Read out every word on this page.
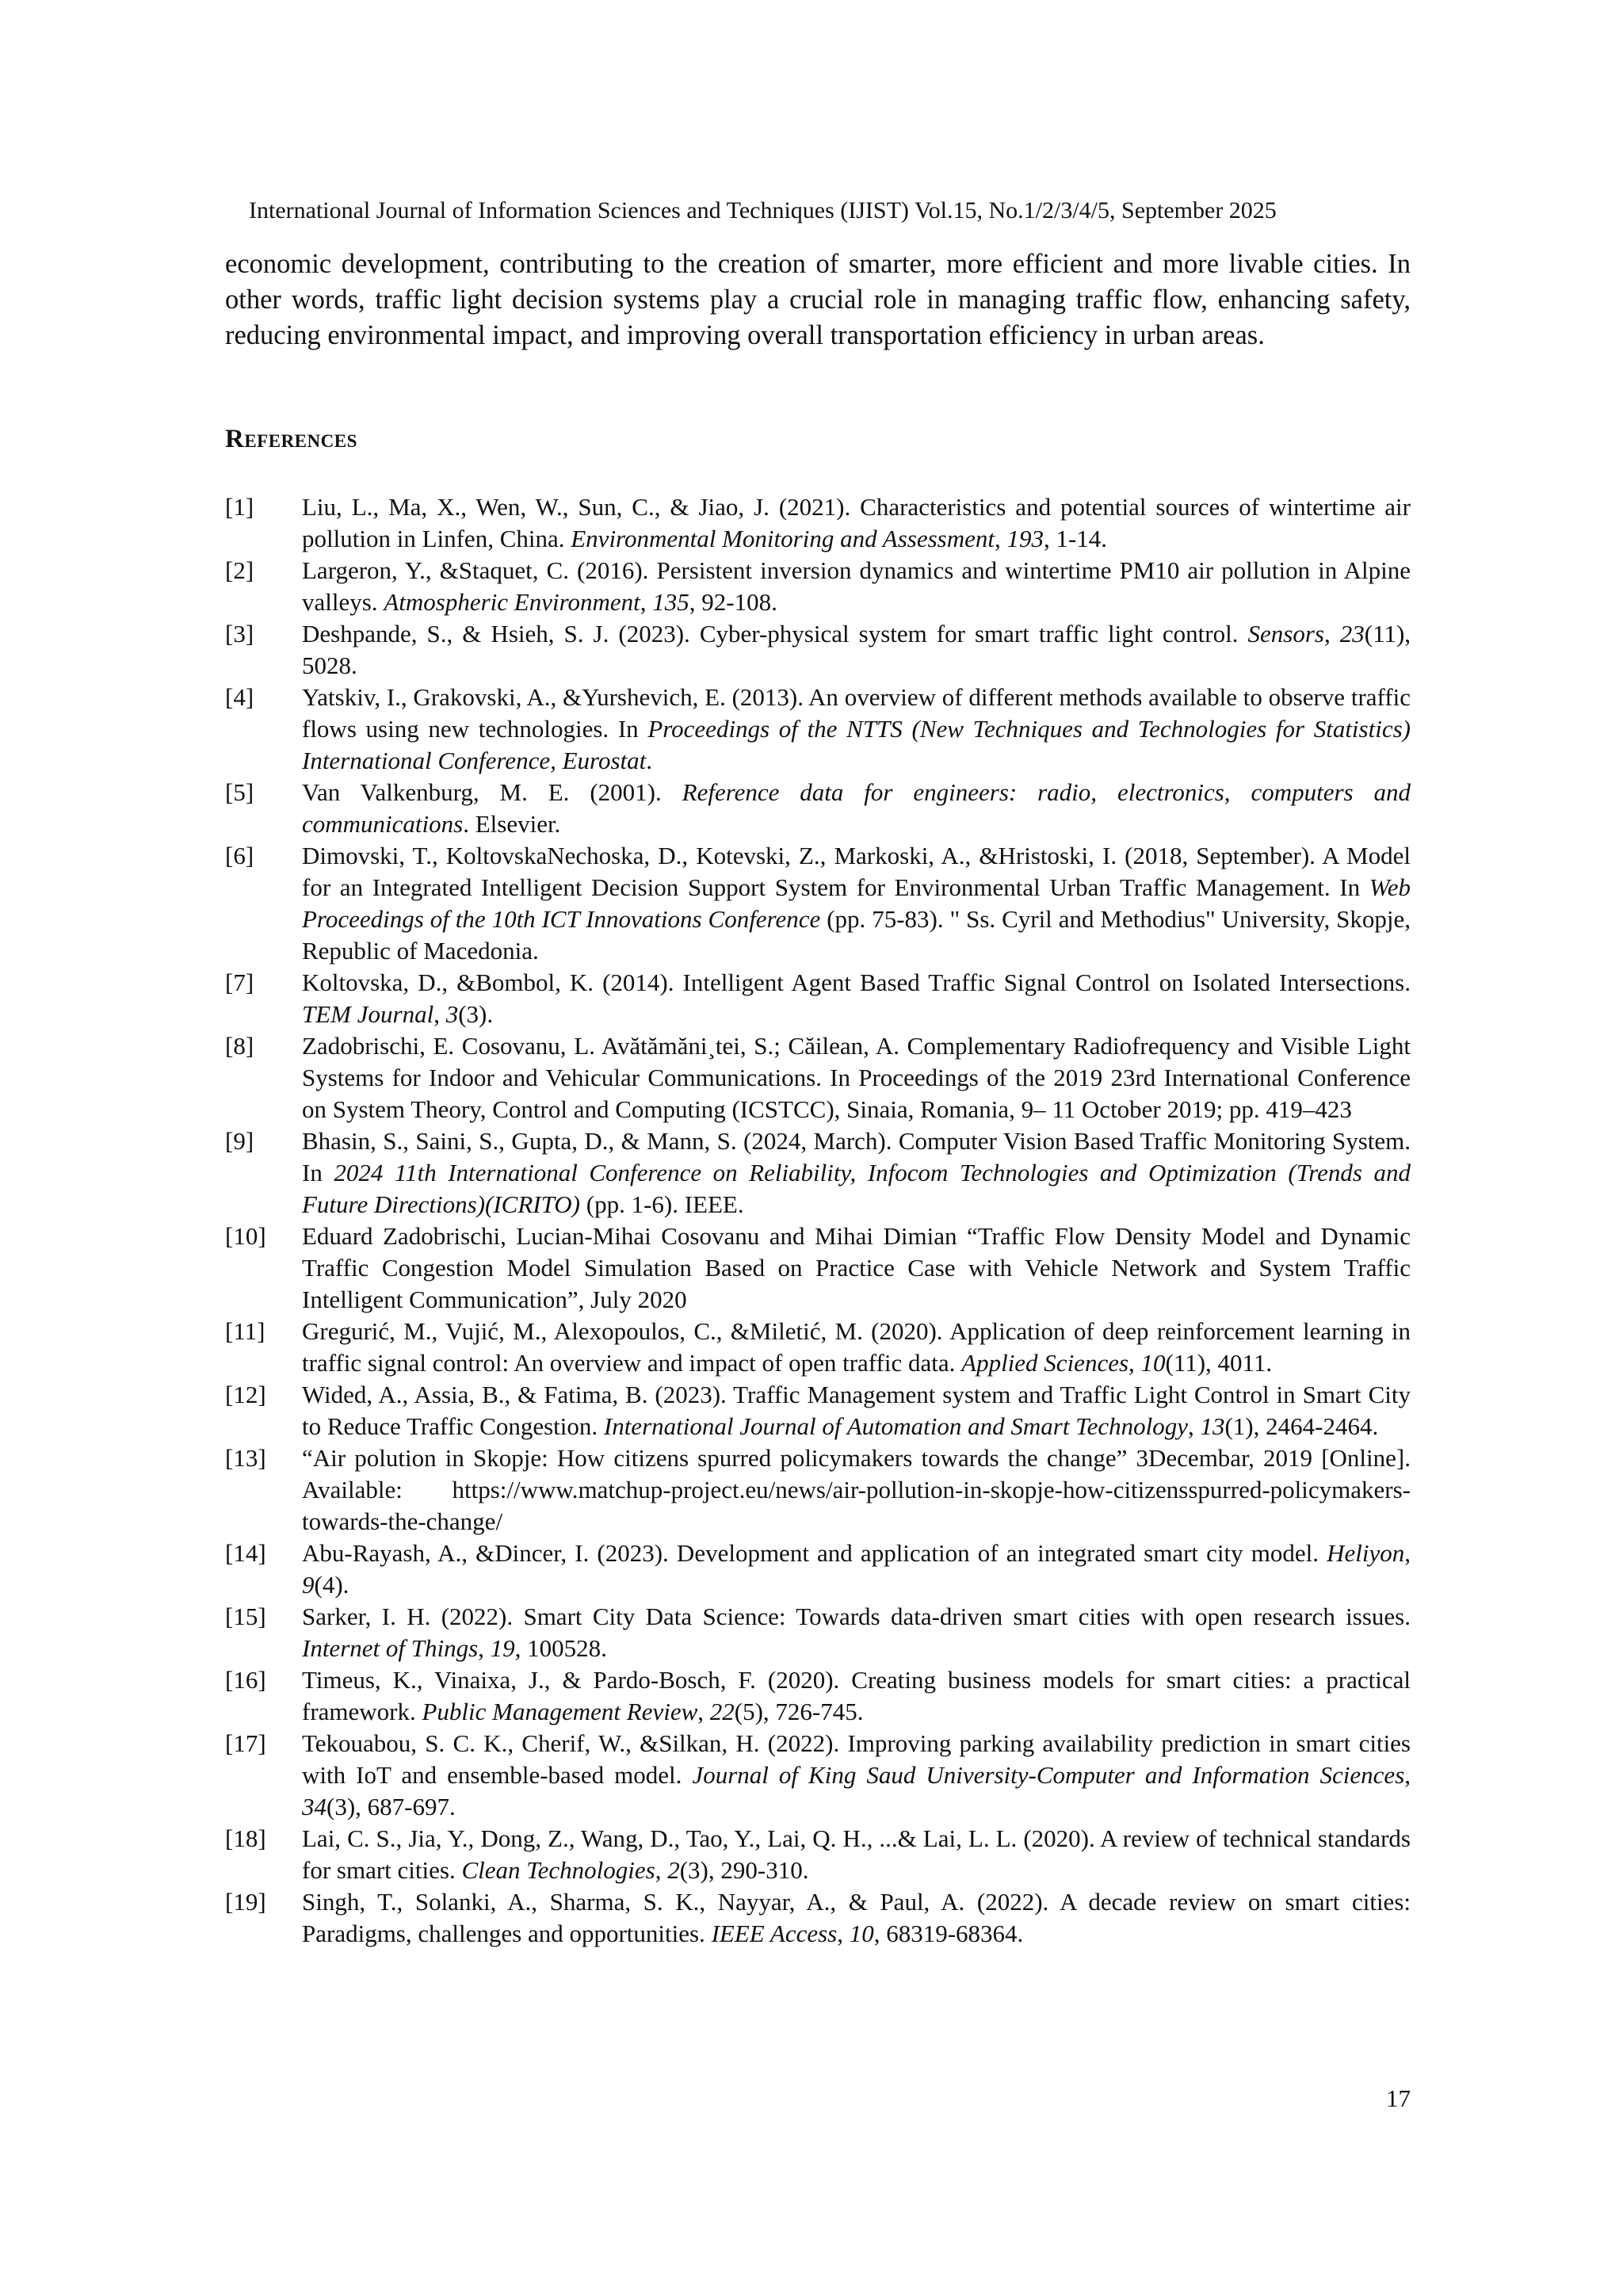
International Journal of Information Sciences and Techniques (IJIST) Vol.15, No.1/2/3/4/5, September 2025

economic development, contributing to the creation of smarter, more efficient and more livable cities. In other words, traffic light decision systems play a crucial role in managing traffic flow, enhancing safety, reducing environmental impact, and improving overall transportation efficiency in urban areas.

References
[1]	Liu, L., Ma, X., Wen, W., Sun, C., & Jiao, J. (2021). Characteristics and potential sources of wintertime air pollution in Linfen, China. Environmental Monitoring and Assessment, 193, 1-14.
[2]	Largeron, Y., &Staquet, C. (2016). Persistent inversion dynamics and wintertime PM10 air pollution in Alpine valleys. Atmospheric Environment, 135, 92-108.
[3]	Deshpande, S., & Hsieh, S. J. (2023). Cyber-physical system for smart traffic light control. Sensors, 23(11), 5028.
[4]	Yatskiv, I., Grakovski, A., &Yurshevich, E. (2013). An overview of different methods available to observe traffic flows using new technologies. In Proceedings of the NTTS (New Techniques and Technologies for Statistics) International Conference, Eurostat.
[5]	Van Valkenburg, M. E. (2001). Reference data for engineers: radio, electronics, computers and communications. Elsevier.
[6]	Dimovski, T., KoltovskaNechoska, D., Kotevski, Z., Markoski, A., &Hristoski, I. (2018, September). A Model for an Integrated Intelligent Decision Support System for Environmental Urban Traffic Management. In Web Proceedings of the 10th ICT Innovations Conference (pp. 75-83). " Ss. Cyril and Methodius" University, Skopje, Republic of Macedonia.
[7]	Koltovska, D., &Bombol, K. (2014). Intelligent Agent Based Traffic Signal Control on Isolated Intersections. TEM Journal, 3(3).
[8]	Zadobrischi, E. Cosovanu, L. Avătămăni¸tei, S.; Căilean, A. Complementary Radiofrequency and Visible Light Systems for Indoor and Vehicular Communications. In Proceedings of the 2019 23rd International Conference on System Theory, Control and Computing (ICSTCC), Sinaia, Romania, 9– 11 October 2019; pp. 419–423
[9]	Bhasin, S., Saini, S., Gupta, D., & Mann, S. (2024, March). Computer Vision Based Traffic Monitoring System. In 2024 11th International Conference on Reliability, Infocom Technologies and Optimization (Trends and Future Directions)(ICRITO) (pp. 1-6). IEEE.
[10]	Eduard Zadobrischi, Lucian-Mihai Cosovanu and Mihai Dimian “Traffic Flow Density Model and Dynamic Traffic Congestion Model Simulation Based on Practice Case with Vehicle Network and System Traffic Intelligent Communication”, July 2020
[11]	Gregurić, M., Vujić, M., Alexopoulos, C., &Miletić, M. (2020). Application of deep reinforcement learning in traffic signal control: An overview and impact of open traffic data. Applied Sciences, 10(11), 4011.
[12]	Wided, A., Assia, B., & Fatima, B. (2023). Traffic Management system and Traffic Light Control in Smart City to Reduce Traffic Congestion. International Journal of Automation and Smart Technology, 13(1), 2464-2464.
[13]	“Air polution in Skopje: How citizens spurred policymakers towards the change” 3Decembar, 2019 [Online]. Available: https://www.matchup-project.eu/news/air-pollution-in-skopje-how-citizensspurred-policymakers-towards-the-change/
[14]	Abu-Rayash, A., &Dincer, I. (2023). Development and application of an integrated smart city model. Heliyon, 9(4).
[15]	Sarker, I. H. (2022). Smart City Data Science: Towards data-driven smart cities with open research issues. Internet of Things, 19, 100528.
[16]	Timeus, K., Vinaixa, J., & Pardo-Bosch, F. (2020). Creating business models for smart cities: a practical framework. Public Management Review, 22(5), 726-745.
[17]	Tekouabou, S. C. K., Cherif, W., &Silkan, H. (2022). Improving parking availability prediction in smart cities with IoT and ensemble-based model. Journal of King Saud University-Computer and Information Sciences, 34(3), 687-697.
[18]	Lai, C. S., Jia, Y., Dong, Z., Wang, D., Tao, Y., Lai, Q. H., ...& Lai, L. L. (2020). A review of technical standards for smart cities. Clean Technologies, 2(3), 290-310.
[19]	Singh, T., Solanki, A., Sharma, S. K., Nayyar, A., & Paul, A. (2022). A decade review on smart cities: Paradigms, challenges and opportunities. IEEE Access, 10, 68319-68364.
17
